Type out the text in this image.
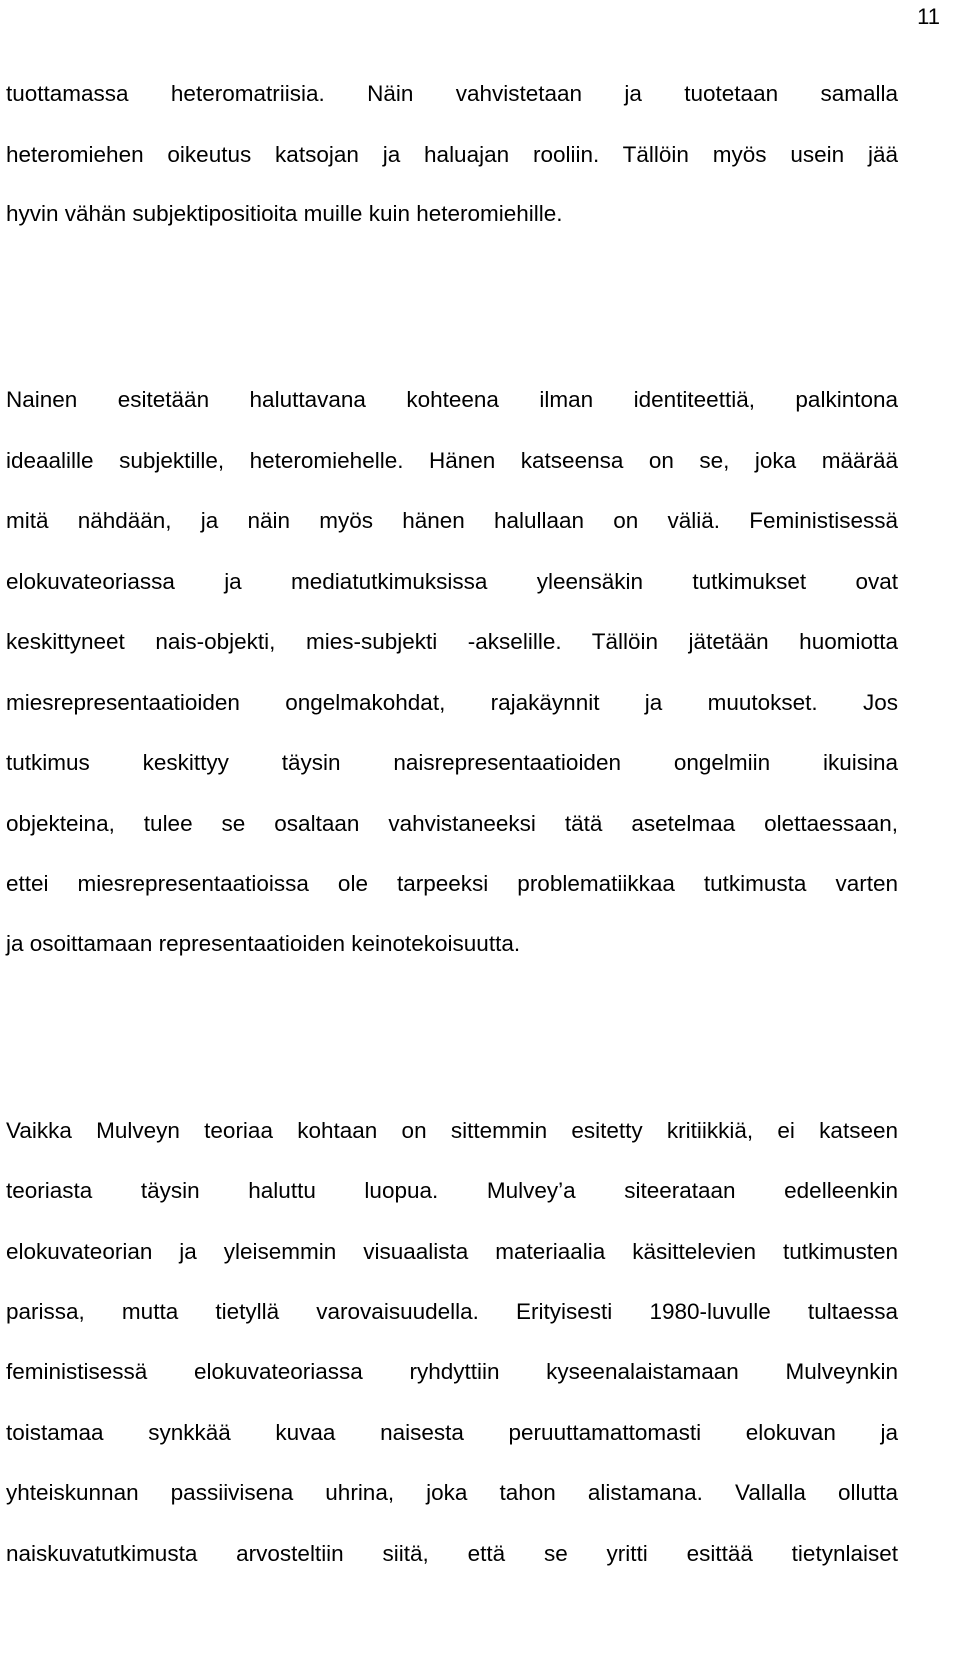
11
tuottamassa heteromatriisia. Näin vahvistetaan ja tuotetaan samalla
heteromiehen oikeutus katsojan ja haluajan rooliin. Tällöin myös usein jää
hyvin vähän subjektipositioita muille kuin heteromiehille.
Nainen esitetään haluttavana kohteena ilman identiteettiä, palkintona
ideaalille subjektille, heteromiehelle. Hänen katseensa on se, joka määrää
mitä nähdään, ja näin myös hänen halullaan on väliä. Feministisessä
elokuvateoriassa ja mediatutkimuksissa yleensäkin tutkimukset ovat
keskittyneet nais-objekti, mies-subjekti -akselille. Tällöin jätetään huomiotta
miesrepresentaatioiden ongelmakohdat, rajakäynnit ja muutokset. Jos
tutkimus keskittyy täysin naisrepresentaatioiden ongelmiin ikuisina
objekteina, tulee se osaltaan vahvistaneeksi tätä asetelmaa olettaessaan,
ettei miesrepresentaatioissa ole tarpeeksi problematiikkaa tutkimusta varten
ja osoittamaan representaatioiden keinotekoisuutta.
Vaikka Mulveyn teoriaa kohtaan on sittemmin esitetty kritiikkiä, ei katseen
teoriasta täysin haluttu luopua. Mulvey’a siteerataan edelleenkin
elokuvateorian ja yleisemmin visuaalista materiaalia käsittelevien tutkimusten
parissa, mutta tietyllä varovaisuudella. Erityisesti 1980-luvulle tultaessa
feministisessä elokuvateoriassa ryhdyttiin kyseenalaistamaan Mulveynkin
toistamaa synkkää kuvaa naisesta peruuttamattomasti elokuvan ja
yhteiskunnan passiivisena uhrina, joka tahon alistamana. Vallalla ollutta
naiskuvatutkimusta arvosteltiin siitä, että se yritti esittää tietynlaiset
